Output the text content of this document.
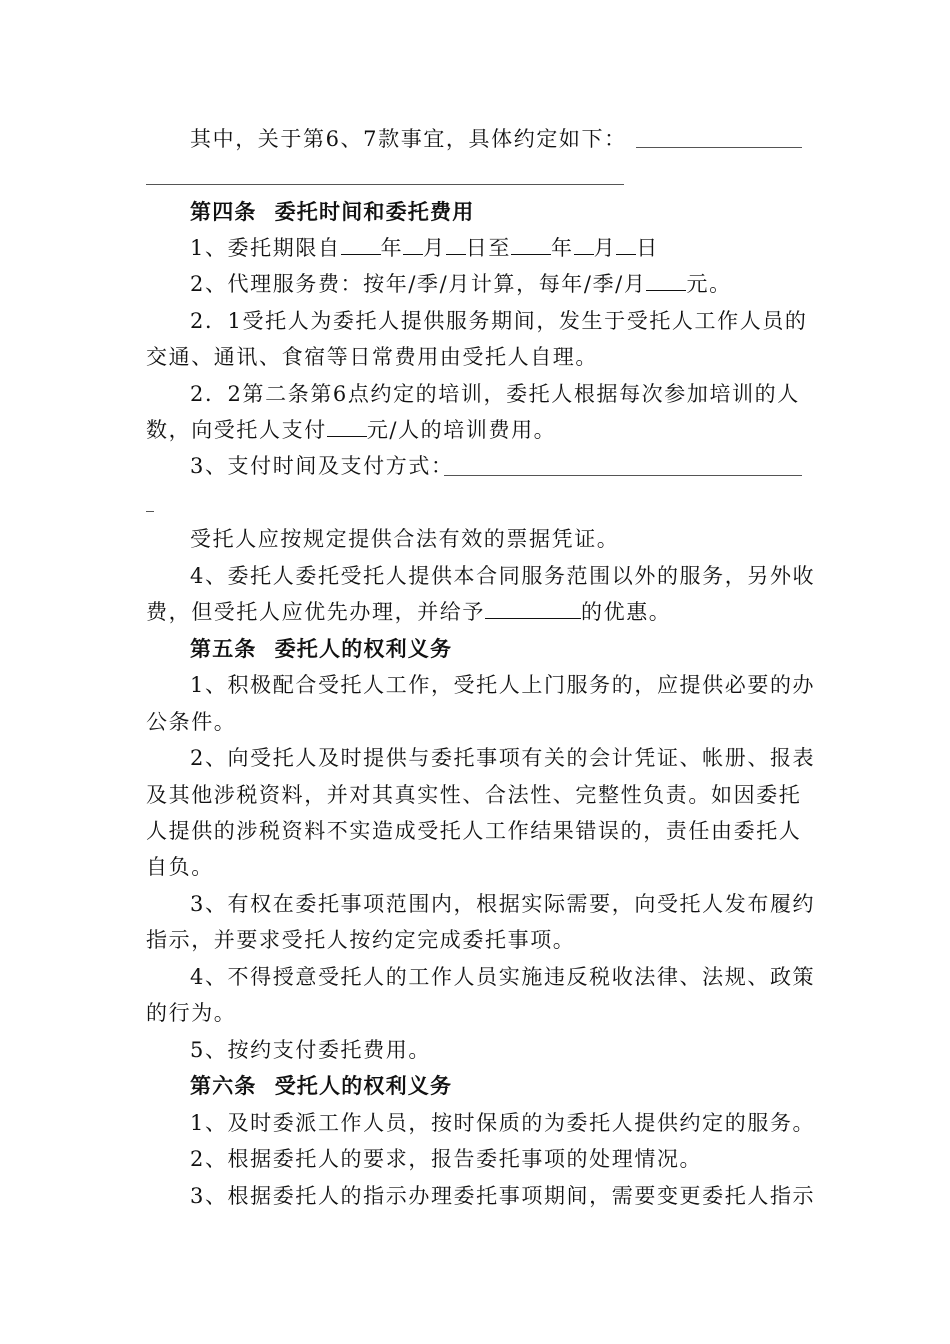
其中，关于第6、7款事宜，具体约定如下：
第四条 委托时间和委托费用
1、委托期限自 年 月 日至 年 月 日
2、代理服务费：按年/季/月计算，每年/季/月 元。
2．1受托人为委托人提供服务期间，发生于受托人工作人员的
交通、通讯、食宿等日常费用由受托人自理。
2．2第二条第6点约定的培训，委托人根据每次参加培训的人
数，向受托人支付 元/人的培训费用。
3、支付时间及支付方式：
受托人应按规定提供合法有效的票据凭证。
4、委托人委托受托人提供本合同服务范围以外的服务，另外收
费，但受托人应优先办理，并给予	的优惠。
第五条 委托人的权利义务
1、积极配合受托人工作，受托人上门服务的，应提供必要的办
公条件。
2、向受托人及时提供与委托事项有关的会计凭证、帐册、报表
及其他涉税资料，并对其真实性、合法性、完整性负责。如因委托
人提供的涉税资料不实造成受托人工作结果错误的，责任由委托人
自负。
3、有权在委托事项范围内，根据实际需要，向受托人发布履约
指示，并要求受托人按约定完成委托事项。
4、不得授意受托人的工作人员实施违反税收法律、法规、政策
的行为。
5、按约支付委托费用。
第六条 受托人的权利义务
1、及时委派工作人员，按时保质的为委托人提供约定的服务。
2、根据委托人的要求，报告委托事项的处理情况。
3、根据委托人的指示办理委托事项期间，需要变更委托人指示
